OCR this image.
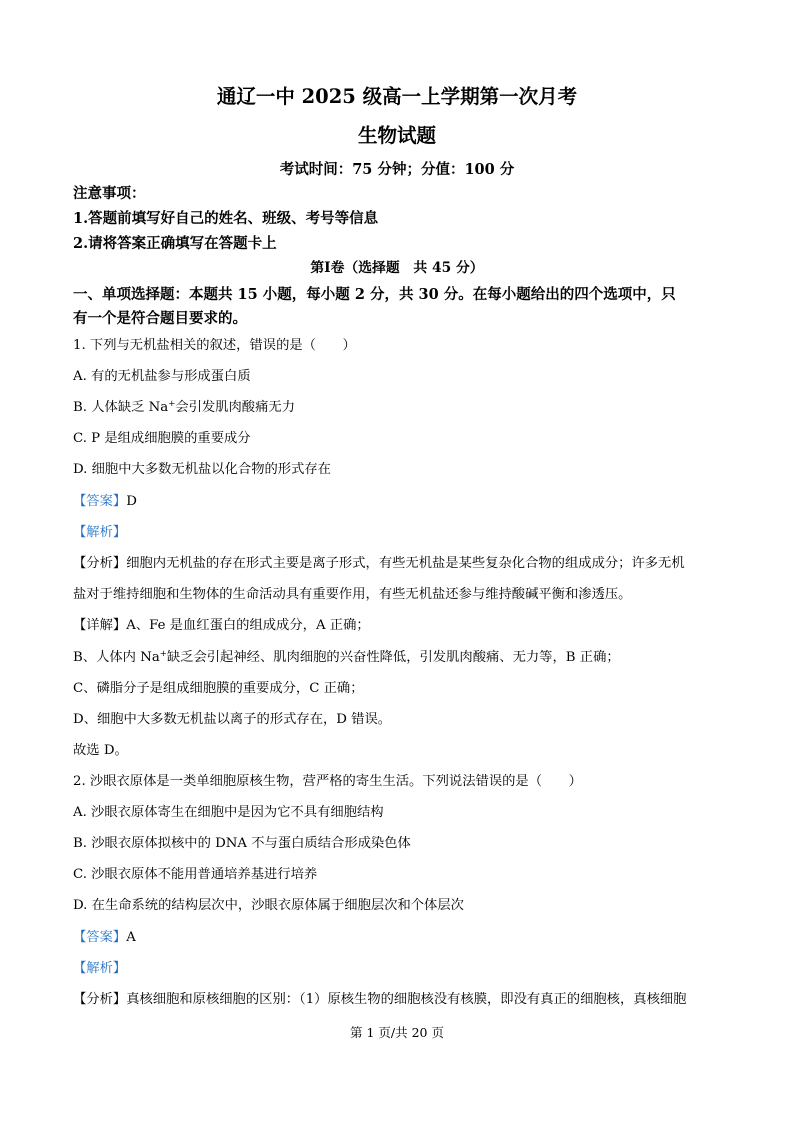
通辽一中 2025 级高一上学期第一次月考
生物试题
考试时间：75 分钟；分值：100 分
注意事项：
1.答题前填写好自己的姓名、班级、考号等信息
2.请将答案正确填写在答题卡上
第Ⅰ卷（选择题　共 45 分）
一、单项选择题：本题共 15 小题，每小题 2 分，共 30 分。在每小题给出的四个选项中，只
有一个是符合题目要求的。
1. 下列与无机盐相关的叙述，错误的是（　　）
A. 有的无机盐参与形成蛋白质
B. 人体缺乏 Na+会引发肌肉酸痛无力
C. P 是组成细胞膜的重要成分
D. 细胞中大多数无机盐以化合物的形式存在
【答案】D
【解析】
【分析】细胞内无机盐的存在形式主要是离子形式，有些无机盐是某些复杂化合物的组成成分；许多无机
盐对于维持细胞和生物体的生命活动具有重要作用，有些无机盐还参与维持酸碱平衡和渗透压。
【详解】A、Fe 是血红蛋白的组成成分，A 正确；
B、人体内 Na+缺乏会引起神经、肌肉细胞的兴奋性降低，引发肌肉酸痛、无力等，B 正确；
C、磷脂分子是组成细胞膜的重要成分，C 正确；
D、细胞中大多数无机盐以离子的形式存在，D 错误。
故选 D。
2. 沙眼衣原体是一类单细胞原核生物，营严格的寄生生活。下列说法错误的是（　　）
A. 沙眼衣原体寄生在细胞中是因为它不具有细胞结构
B. 沙眼衣原体拟核中的 DNA 不与蛋白质结合形成染色体
C. 沙眼衣原体不能用普通培养基进行培养
D. 在生命系统的结构层次中，沙眼衣原体属于细胞层次和个体层次
【答案】A
【解析】
【分析】真核细胞和原核细胞的区别：（1）原核生物的细胞核没有核膜，即没有真正的细胞核，真核细胞
第 1 页/共 20 页
